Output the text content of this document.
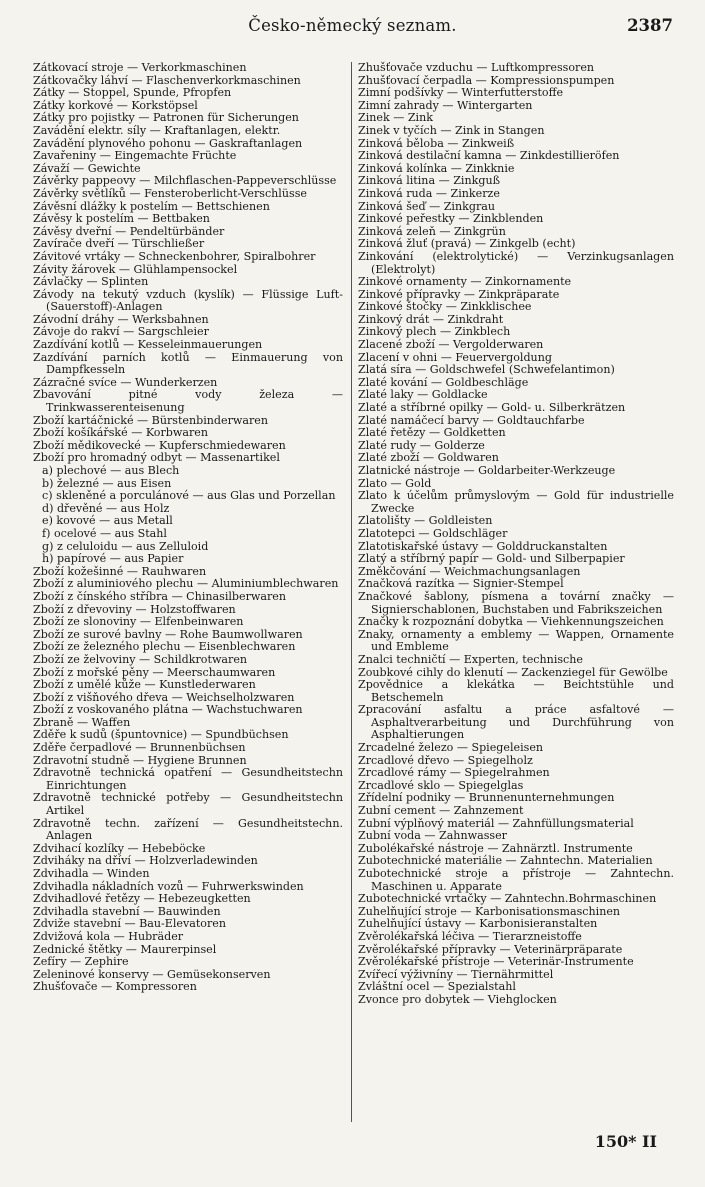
Česko-německý seznam.	2387
Zátkovací stroje — Verkorkmaschinen
Zátkovačky láhví — Flaschenverkorkmaschinen
Zátky — Stoppel, Spunde, Pfropfen
Zátky korkové — Korkstöpsel
Zátky pro pojistky — Patronen für Sicherungen
Zavádění elektr. síly — Kraftanlagen, elektr.
Zavádění plynového pohonu — Gaskraftanlagen
Zavařeniny — Eingemachte Früchte
Závaží — Gewichte
Závěrky pappeovy — Milchflaschen-Pappeverschlüsse
Závěrky světlíků — Fensteroberlicht-Verschlüsse
Závěsní dlážky k postelím — Bettschienen
Závěsy k postelím — Bettbaken
Závěsy dveřní — Pendeltürbänder
Zavírače dveří — Türschließer
Závitové vrtáky — Schneckenbohrer, Spiralbohrer
Závity žárovek — Glühlampensockel
Závlačky — Splinten
Závody na tekutý vzduch (kyslík) — Flüssige Luft- (Sauerstoff)-Anlagen
Závodní dráhy — Werksbahnen
Závoje do rakví — Sargschleier
Zazdívání kotlů — Kesseleinmauerungen
Zazdívání parních kotlů — Einmauerung von Dampfkesseln
Zázračné svíce — Wunderkerzen
Zbavování pitné vody železa — Trinkwasserenteisenung
Zboží kartáčnické — Bürstenbinderwaren
Zboží košíkářské — Korbwaren
Zboží mědikovecké — Kupferschmiedewaren
Zboží pro hromadný odbyt — Massenartikel
a) plechové — aus Blech
b) železné — aus Eisen
c) skleněné a porculánové — aus Glas und Porzellan
d) dřevěné — aus Holz
e) kovové — aus Metall
f) ocelové — aus Stahl
g) z celuloidu — aus Zelluloid
h) papírové — aus Papier
Zboží kožešinné — Rauhwaren
Zboží z aluminiového plechu — Aluminiumblechwaren
Zboží z čínského stříbra — Chinasilberwaren
Zboží z dřevoviny — Holzstoffwaren
Zboží ze slonoviny — Elfenbeinwaren
Zboží ze surové bavlny — Rohe Baumwollwaren
Zboží ze železného plechu — Eisenblechwaren
Zboží ze želvoviny — Schildkrotwaren
Zboží z mořské pěny — Meerschaumwaren
Zboží z umělé kůže — Kunstlederwaren
Zboží z višňového dřeva — Weichselholzwaren
Zboží z voskovaného plátna — Wachstuchwaren
Zbraně — Waffen
Zděře k sudů (špuntovnice) — Spundbüchsen
Zděře čerpadlové — Brunnenbüchsen
Zdravotní studně — Hygiene Brunnen
Zdravotně technická opatření — Gesundheitstechn Einrichtungen
Zdravotně technické potřeby — Gesundheitstechn Artikel
Zdravotně techn. zařízení — Gesundheitstechn. Anlagen
Zdvihací kozlíky — Hebeböcke
Zdviháky na dříví — Holzverladewinden
Zdvihadla — Winden
Zdvihadla nákladních vozů — Fuhrwerkswinden
Zdvihadlové řetězy — Hebezeugketten
Zdvihadla stavební — Bauwinden
Zdviže stavební — Bau-Elevatoren
Zdvižová kola — Hubräder
Zednické štětky — Maurerpinsel
Zefíry — Zephire
Zeleninové konservy — Gemüsekonserven
Zhušťovače — Kompressoren
Zhušťovače vzduchu — Luftkompressoren
Zhušťovací čerpadla — Kompressionspumpen
Zimní podšívky — Winterfutterstoffe
Zimní zahrady — Wintergarten
Zinek — Zink
Zinek v tyčích — Zink in Stangen
Zinková běloba — Zinkweiß
Zinková destilační kamna — Zinkdestillieröfen
Zinková kolínka — Zinkknie
Zinková litina — Zinkguß
Zinková ruda — Zinkerze
Zinková šeď — Zinkgrau
Zinkové peřestky — Zinkblenden
Zinková zeleň — Zinkgrün
Zinková žluť (pravá) — Zinkgelb (echt)
Zinkování (elektrolytické) — Verzinkugsanlagen (Elektrolyt)
Zinkové ornamenty — Zinkornamente
Zinkové přípravky — Zinkpräparate
Zinkové štočky — Zinkklischee
Zinkový drát — Zinkdraht
Zinkový plech — Zinkblech
Zlacené zboží — Vergolderwaren
Zlacení v ohni — Feuervergoldung
Zlatá síra — Goldschwefel (Schwefelantimon)
Zlaté kování — Goldbeschläge
Zlaté laky — Goldlacke
Zlaté a stříbrné opilky — Gold- u. Silberkrätzen
Zlaté namáčecí barvy — Goldtauchfarbe
Zlaté řetězy — Goldketten
Zlaté rudy — Golderze
Zlaté zboží — Goldwaren
Zlatnické nástroje — Goldarbeiter-Werkzeuge
Zlato — Gold
Zlato k účelům průmyslovým — Gold für industrielle Zwecke
Zlatolišty — Goldleisten
Zlatotepci — Goldschläger
Zlatotiskařské ústavy — Golddruckanstalten
Zlatý a stříbrný papír — Gold- und Silberpapier
Změkčování — Weichmachungsanlagen
Značková razítka — Signier-Stempel
Značkové šablony, písmena a tovární značky — Signierschablonen, Buchstaben und Fabrikszeichen
Značky k rozpoznání dobytka — Viehkennungszeichen
Znaky, ornamenty a emblemy — Wappen, Ornamente und Embleme
Znalci techničtí — Experten, technische
Zoubkové cihly do klenutí — Zackenziegel für Gewölbe
Zpovědnice a klekátka — Beichtstühle und Betschemeln
Zpracování asfaltu a práce asfaltové — Asphaltverarbeitung und Durchführung von Asphaltierungen
Zrcadelné železo — Spiegeleisen
Zrcadlové dřevo — Spiegelholz
Zrcadlové rámy — Spiegelrahmen
Zrcadlové sklo — Spiegelglas
Zřídelní podniky — Brunnenunternehmungen
Zubní cement — Zahnzement
Zubní výplňový materiál — Zahnfüllungsmaterial
Zubní voda — Zahnwasser
Zubolékařské nástroje — Zahnärztl. Instrumente
Zubotechnické materiálie — Zahntechn. Materialien
Zubotechnické stroje a přístroje — Zahntechn. Maschinen u. Apparate
Zubotechnické vrtačky — Zahntechn.Bohrmaschinen
Zuhelňující stroje — Karbonisationsmaschinen
Zuhelňující ústavy — Karbonisieranstalten
Zvěrolékařská léčiva — Tierarzneistoffe
Zvěrolékařské přípravky — Veterinärpräparate
Zvěrolékařské přístroje — Veterinär-Instrumente
Zvířecí výživníny — Tiernährmittel
Zvláštní ocel — Spezialstahl
Zvonce pro dobytek — Viehglocken
150* II
